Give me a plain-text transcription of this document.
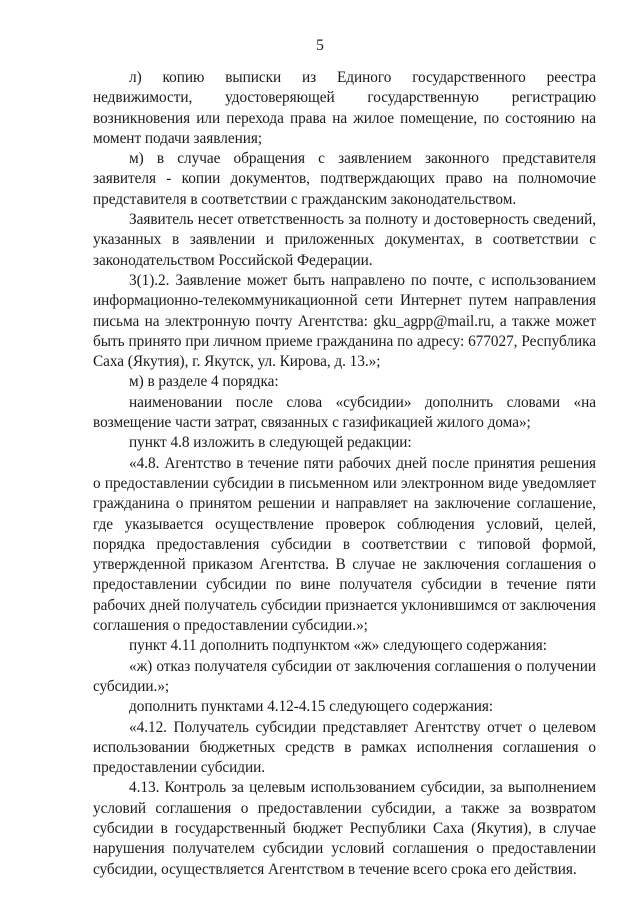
5

л) копию выписки из Единого государственного реестра недвижимости, удостоверяющей государственную регистрацию возникновения или перехода права на жилое помещение, по состоянию на момент подачи заявления;

м) в случае обращения с заявлением законного представителя заявителя - копии документов, подтверждающих право на полномочие представителя в соответствии с гражданским законодательством.

Заявитель несет ответственность за полноту и достоверность сведений, указанных в заявлении и приложенных документах, в соответствии с законодательством Российской Федерации.

3(1).2. Заявление может быть направлено по почте, с использованием информационно-телекоммуникационной сети Интернет путем направления письма на электронную почту Агентства: gku_agpp@mail.ru, а также может быть принято при личном приеме гражданина по адресу: 677027, Республика Саха (Якутия), г. Якутск, ул. Кирова, д. 13.»;

м) в разделе 4 порядка:

наименовании после слова «субсидии» дополнить словами «на возмещение части затрат, связанных с газификацией жилого дома»;

пункт 4.8 изложить в следующей редакции:

«4.8. Агентство в течение пяти рабочих дней после принятия решения о предоставлении субсидии в письменном или электронном виде уведомляет гражданина о принятом решении и направляет на заключение соглашение, где указывается осуществление проверок соблюдения условий, целей, порядка предоставления субсидии в соответствии с типовой формой, утвержденной приказом Агентства. В случае не заключения соглашения о предоставлении субсидии по вине получателя субсидии в течение пяти рабочих дней получатель субсидии признается уклонившимся от заключения соглашения о предоставлении субсидии.»;

пункт 4.11 дополнить подпунктом «ж» следующего содержания:

«ж) отказ получателя субсидии от заключения соглашения о получении субсидии.»;

дополнить пунктами 4.12-4.15 следующего содержания:

«4.12. Получатель субсидии представляет Агентству отчет о целевом использовании бюджетных средств в рамках исполнения соглашения о предоставлении субсидии.

4.13. Контроль за целевым использованием субсидии, за выполнением условий соглашения о предоставлении субсидии, а также за возвратом субсидии в государственный бюджет Республики Саха (Якутия), в случае нарушения получателем субсидии условий соглашения о предоставлении субсидии, осуществляется Агентством в течение всего срока его действия.
